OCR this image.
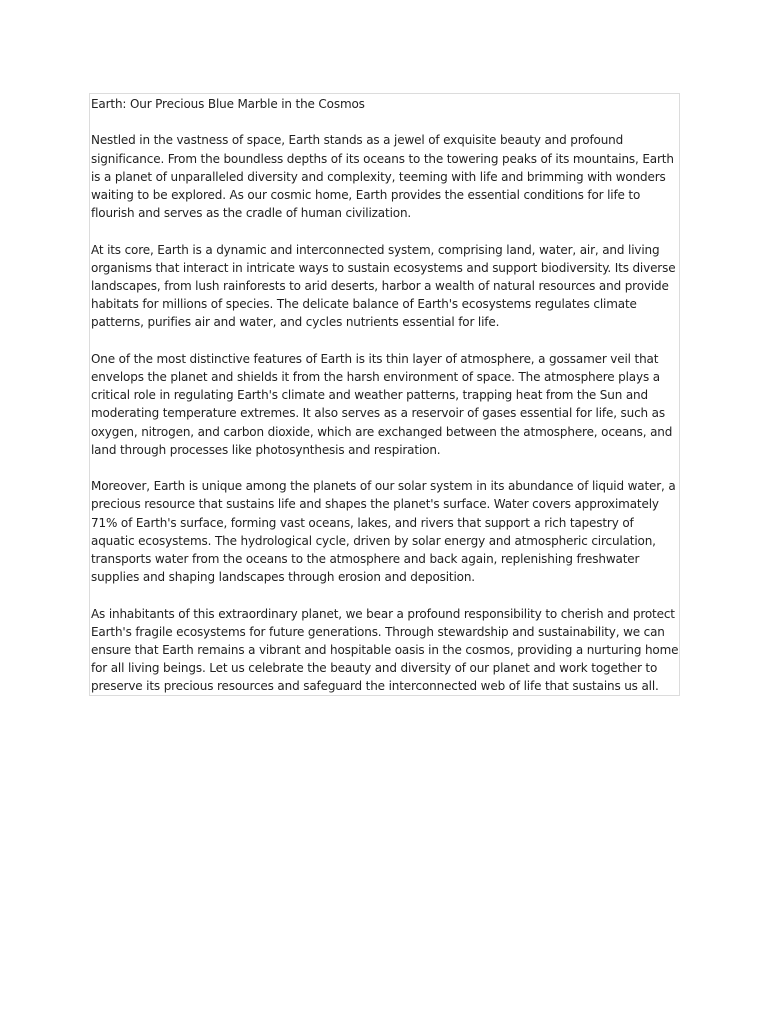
Earth: Our Precious Blue Marble in the Cosmos

Nestled in the vastness of space, Earth stands as a jewel of exquisite beauty and profound significance. From the boundless depths of its oceans to the towering peaks of its mountains, Earth is a planet of unparalleled diversity and complexity, teeming with life and brimming with wonders waiting to be explored. As our cosmic home, Earth provides the essential conditions for life to flourish and serves as the cradle of human civilization.

At its core, Earth is a dynamic and interconnected system, comprising land, water, air, and living organisms that interact in intricate ways to sustain ecosystems and support biodiversity. Its diverse landscapes, from lush rainforests to arid deserts, harbor a wealth of natural resources and provide habitats for millions of species. The delicate balance of Earth's ecosystems regulates climate patterns, purifies air and water, and cycles nutrients essential for life.

One of the most distinctive features of Earth is its thin layer of atmosphere, a gossamer veil that envelops the planet and shields it from the harsh environment of space. The atmosphere plays a critical role in regulating Earth's climate and weather patterns, trapping heat from the Sun and moderating temperature extremes. It also serves as a reservoir of gases essential for life, such as oxygen, nitrogen, and carbon dioxide, which are exchanged between the atmosphere, oceans, and land through processes like photosynthesis and respiration.

Moreover, Earth is unique among the planets of our solar system in its abundance of liquid water, a precious resource that sustains life and shapes the planet's surface. Water covers approximately 71% of Earth's surface, forming vast oceans, lakes, and rivers that support a rich tapestry of aquatic ecosystems. The hydrological cycle, driven by solar energy and atmospheric circulation, transports water from the oceans to the atmosphere and back again, replenishing freshwater supplies and shaping landscapes through erosion and deposition.

As inhabitants of this extraordinary planet, we bear a profound responsibility to cherish and protect Earth's fragile ecosystems for future generations. Through stewardship and sustainability, we can ensure that Earth remains a vibrant and hospitable oasis in the cosmos, providing a nurturing home for all living beings. Let us celebrate the beauty and diversity of our planet and work together to preserve its precious resources and safeguard the interconnected web of life that sustains us all.
